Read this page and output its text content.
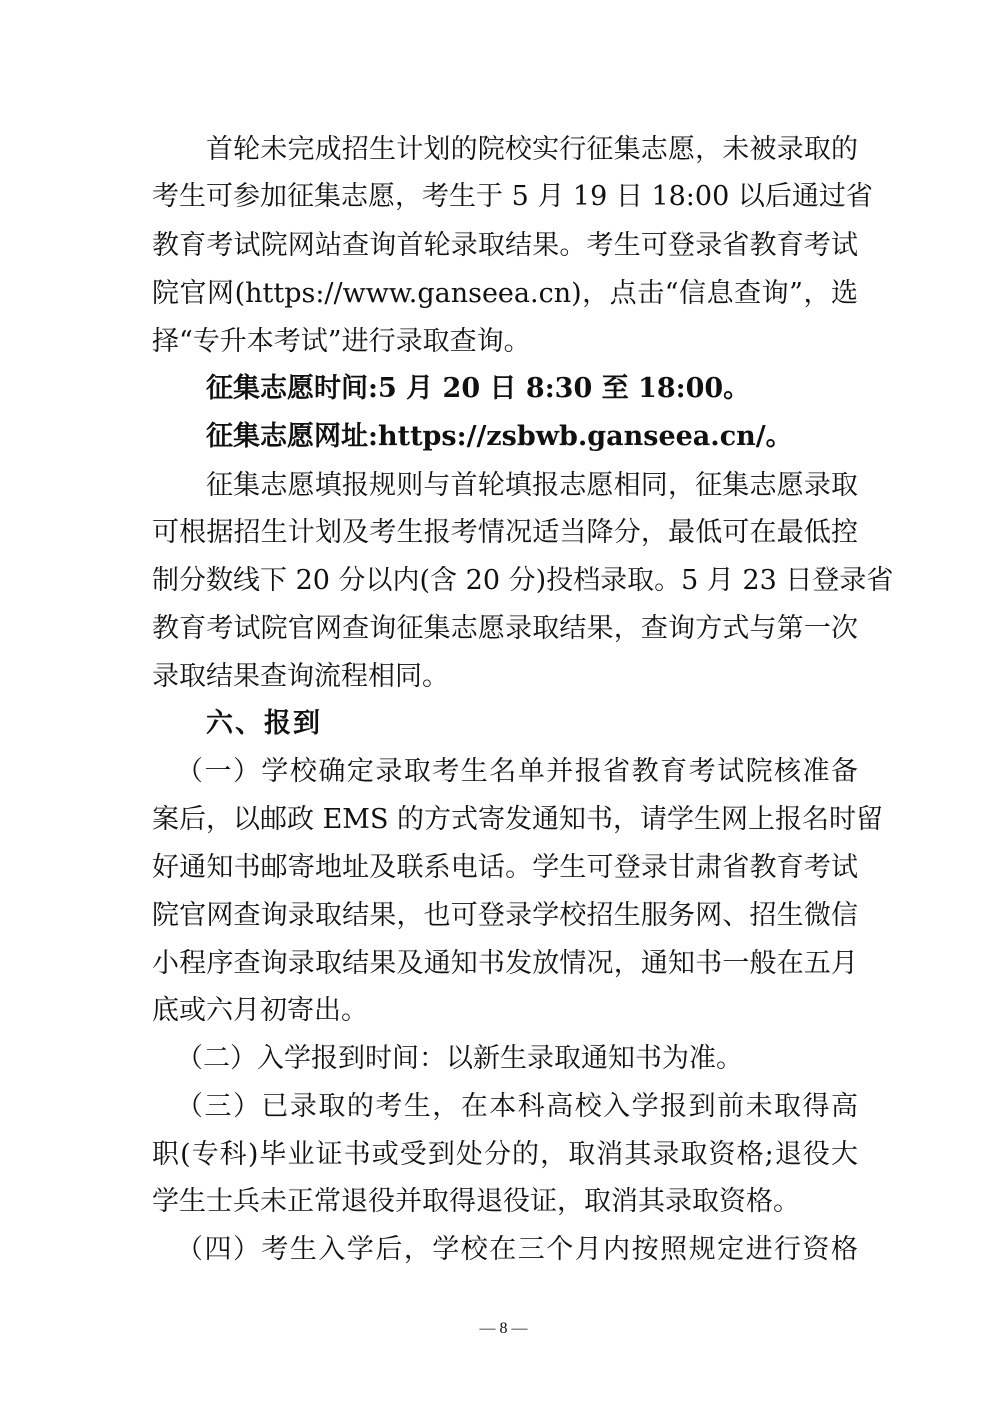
首轮未完成招生计划的院校实行征集志愿，未被录取的
考生可参加征集志愿，考生于 5 月 19 日 18:00 以后通过省
教育考试院网站查询首轮录取结果。考生可登录省教育考试
院官网(https://www.ganseea.cn)，点击“信息查询”，选
择“专升本考试”进行录取查询。
征集志愿时间:5 月 20 日 8:30 至 18:00。
征集志愿网址:https://zsbwb.ganseea.cn/。
征集志愿填报规则与首轮填报志愿相同，征集志愿录取
可根据招生计划及考生报考情况适当降分，最低可在最低控
制分数线下 20 分以内(含 20 分)投档录取。5 月 23 日登录省
教育考试院官网查询征集志愿录取结果，查询方式与第一次
录取结果查询流程相同。
六、报到
（一）学校确定录取考生名单并报省教育考试院核准备
案后，以邮政 EMS 的方式寄发通知书，请学生网上报名时留
好通知书邮寄地址及联系电话。学生可登录甘肃省教育考试
院官网查询录取结果，也可登录学校招生服务网、招生微信
小程序查询录取结果及通知书发放情况，通知书一般在五月
底或六月初寄出。
（二）入学报到时间：以新生录取通知书为准。
（三）已录取的考生，在本科高校入学报到前未取得高
职(专科)毕业证书或受到处分的，取消其录取资格;退役大
学生士兵未正常退役并取得退役证，取消其录取资格。
（四）考生入学后，学校在三个月内按照规定进行资格
— 8 —
